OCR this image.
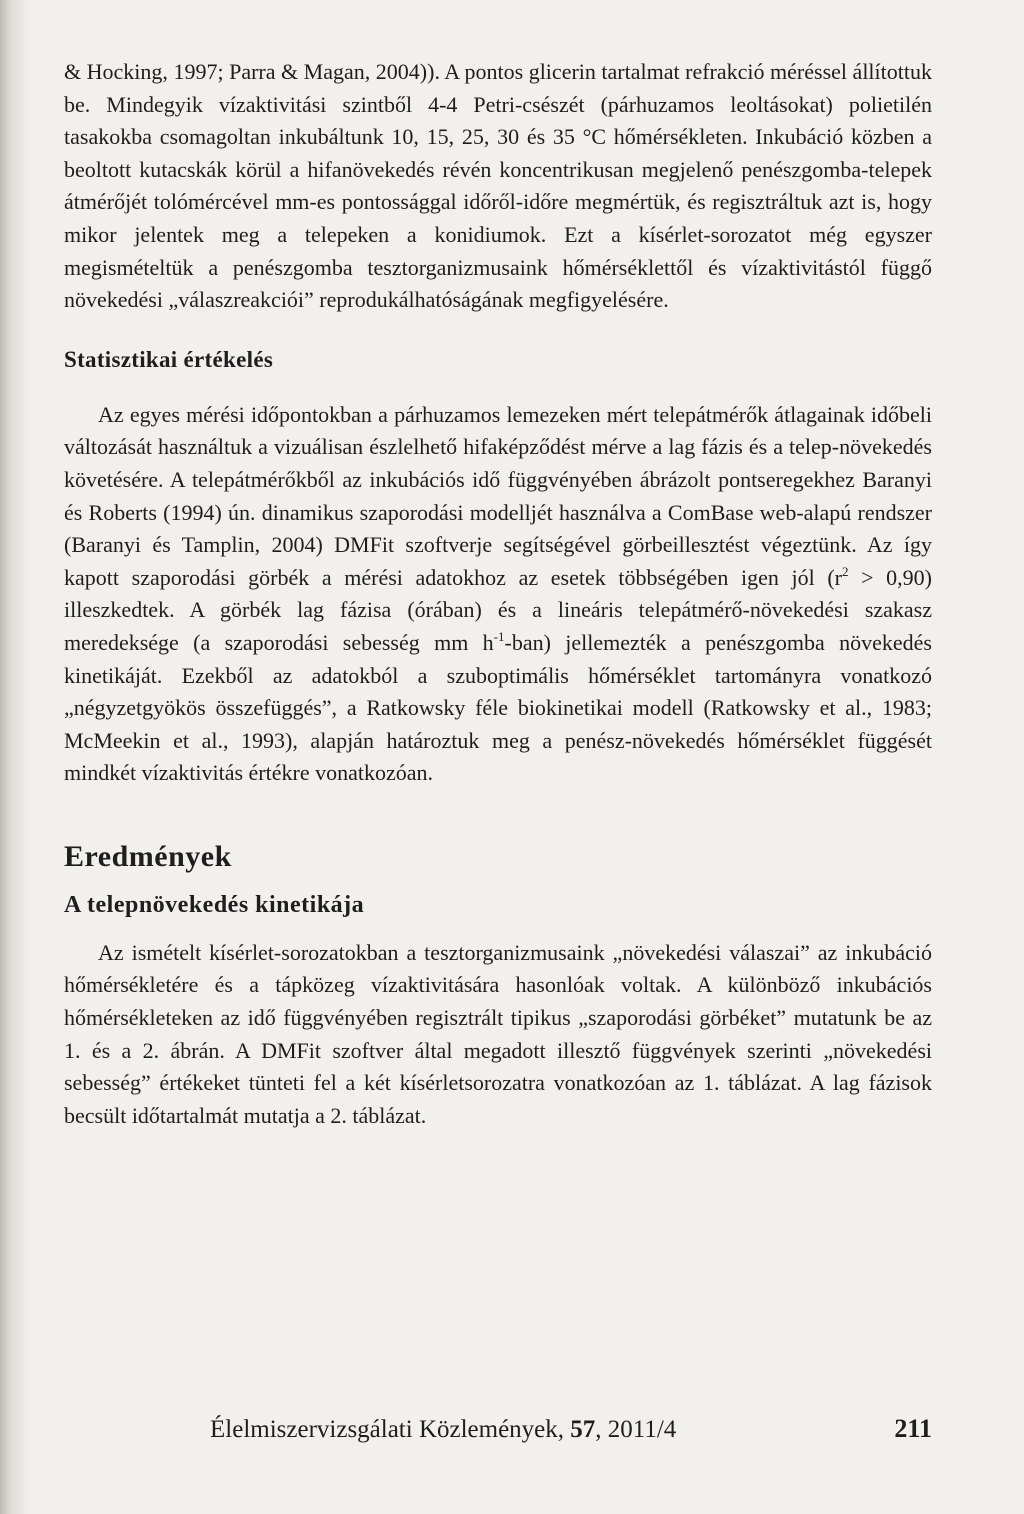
& Hocking, 1997; Parra & Magan, 2004)). A pontos glicerin tartalmat refrakció méréssel állítottuk be. Mindegyik vízaktivitási szintből 4-4 Petri-csészét (párhuzamos leoltásokat) polietilén tasakokba csomagoltan inkubáltunk 10, 15, 25, 30 és 35 °C hőmérsékleten. Inkubáció közben a beoltott kutacskák körül a hifanövekedés révén koncentrikusan megjelenő penészgomba-telepek átmérőjét tolómércével mm-es pontossággal időről-időre megmértük, és regisztráltuk azt is, hogy mikor jelentek meg a telepeken a konidiumok. Ezt a kísérlet-sorozatot még egyszer megismételtük a penészgomba tesztorganizmusaink hőmérséklettől és vízaktivitástól függő növekedési „válaszreakciói” reprodukálhatóságának megfigyelésére.

Statisztikai értékelés

Az egyes mérési időpontokban a párhuzamos lemezeken mért telepátmérők átlagainak időbeli változását használtuk a vizuálisan észlelhető hifaképződést mérve a lag fázis és a telep-növekedés követésére. A telepátmérőkből az inkubációs idő függvényében ábrázolt pontseregekhez Baranyi és Roberts (1994) ún. dinamikus szaporodási modelljét használva a ComBase web-alapú rendszer (Baranyi és Tamplin, 2004) DMFit szoftverje segítségével görbeillesztést végeztünk. Az így kapott szaporodási görbék a mérési adatokhoz az esetek többségében igen jól $(r^2 > 0,90)$ illeszkedtek. A görbék lag fázisa (órában) és a lineáris telepátmérő-növekedési szakasz meredeksége (a szaporodási sebesség mm $h^{-1}-ban$) jellemezték a penészgomba növekedés kinetikáját. Ezekből az adatokból a szuboptimális hőmérséklet tartományra vonatkozó „négyzetgyökös összefüggés”, a Ratkowsky féle biokinetikai modell (Ratkowsky et al., 1983; McMeekin et al., 1993), alapján határoztuk meg a penész-növekedés hőmérséklet függését mindkét vízaktivitás értékre vonatkozóan.

Eredmények
A telepnövekedés kinetikája

Az ismételt kísérlet-sorozatokban a tesztorganizmusaink „növekedési válaszai” az inkubáció hőmérsékletére és a tápközeg vízaktivitására hasonlóak voltak. A különböző inkubációs hőmérsékleteken az idő függvényében regisztrált tipikus „szaporodási görbéket” mutatunk be az 1. és a 2. ábrán. A DMFit szoftver által megadott illesztő függvények szerinti „növekedési sebesség” értékeket tünteti fel a két kísérletsorozatra vonatkozóan az 1. táblázat. A lag fázisok becsült időtartalmát mutatja a 2. táblázat.

Élelmiszervizsgálati Közlemények, 57, 2011/4	211
